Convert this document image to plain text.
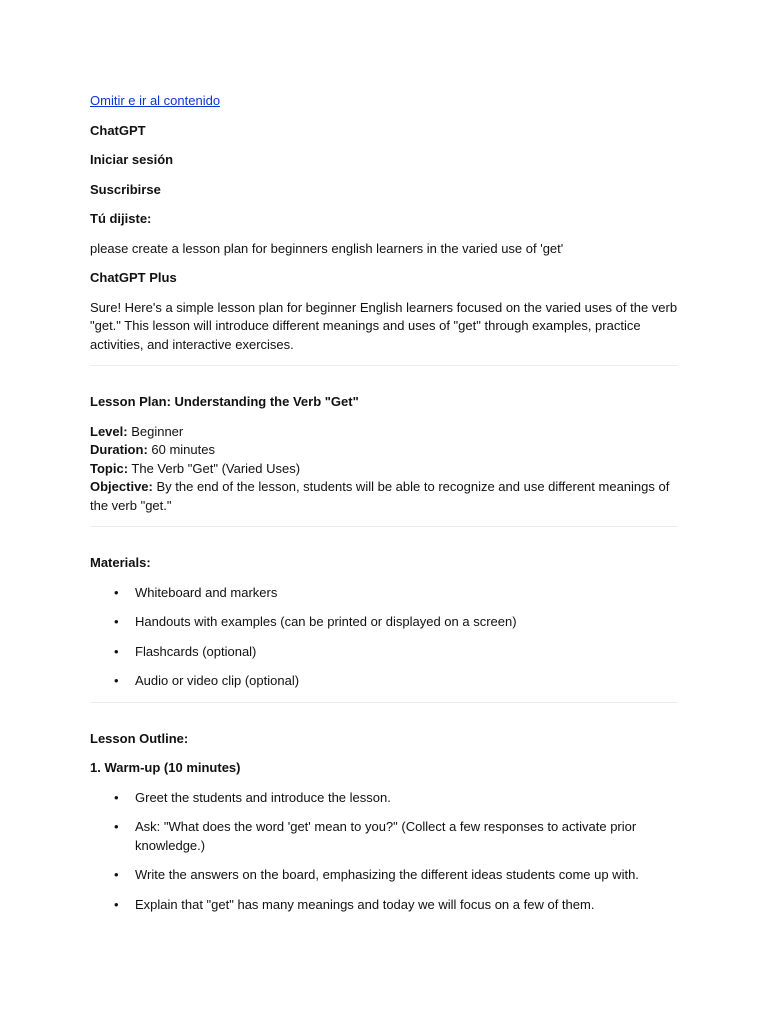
Omitir e ir al contenido

ChatGPT

Iniciar sesión

Suscribirse

Tú dijiste:

please create a lesson plan for beginners english learners in the varied use of 'get'

ChatGPT Plus

Sure! Here's a simple lesson plan for beginner English learners focused on the varied uses of the verb "get." This lesson will introduce different meanings and uses of "get" through examples, practice activities, and interactive exercises.

Lesson Plan: Understanding the Verb "Get"

Level: Beginner

Duration: 60 minutes

Topic: The Verb "Get" (Varied Uses)

Objective: By the end of the lesson, students will be able to recognize and use different meanings of the verb "get."

Materials:

• Whiteboard and markers
• Handouts with examples (can be printed or displayed on a screen)
• Flashcards (optional)
• Audio or video clip (optional)

Lesson Outline:

1. Warm-up (10 minutes)

• Greet the students and introduce the lesson.
• Ask: "What does the word 'get' mean to you?" (Collect a few responses to activate prior knowledge.)
• Write the answers on the board, emphasizing the different ideas students come up with.
• Explain that "get" has many meanings and today we will focus on a few of them.
